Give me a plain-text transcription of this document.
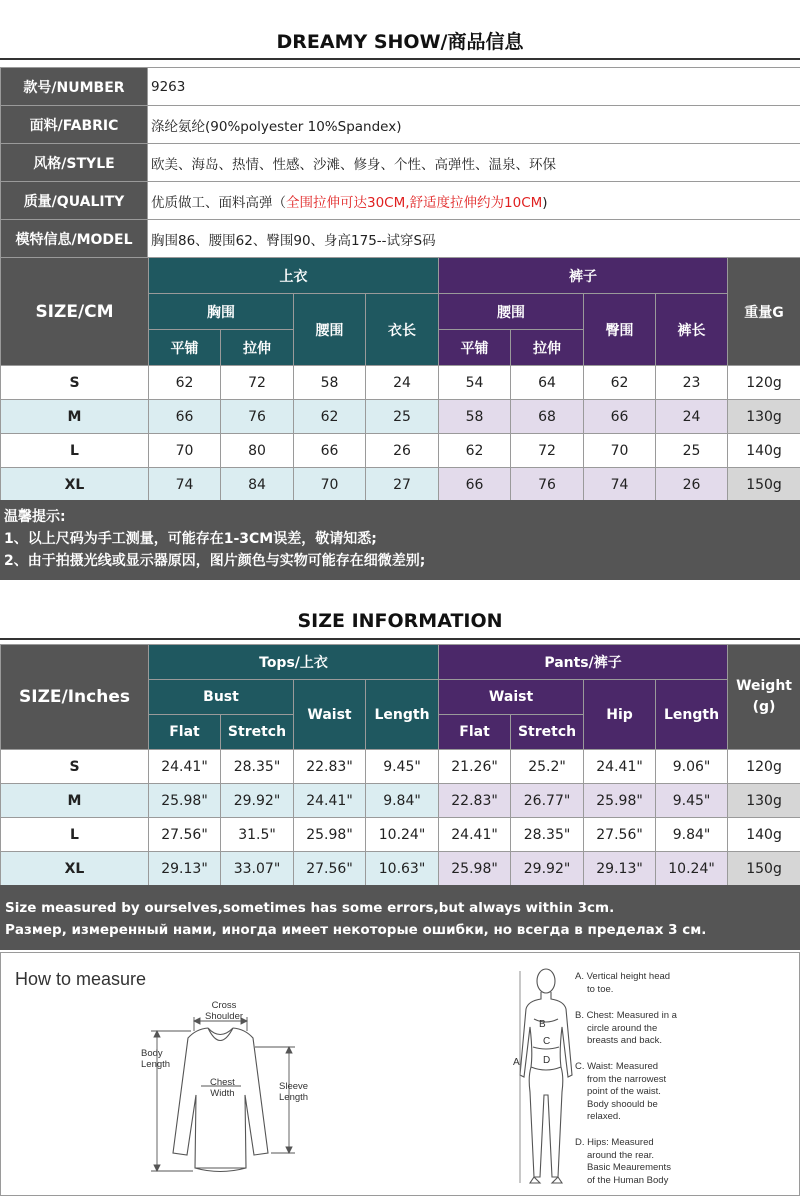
DREAMY SHOW/商品信息
款号/NUMBER	9263
面料/FABRIC	涤纶氨纶(90%polyester 10%Spandex)
风格/STYLE	欧美、海岛、热情、性感、沙滩、修身、个性、高弹性、温泉、环保
质量/QUALITY	优质做工、面料高弹（全围拉伸可达30CM,舒适度拉伸约为10CM)
模特信息/MODEL	胸围86、腰围62、臀围90、身高175--试穿S码
SIZE/CM	上衣				裤子				重量G
	胸围		腰围	衣长	腰围		臀围	裤长	
	平铺	拉伸			平铺	拉伸			
S	62	72	58	24	54	64	62	23	120g
M	66	76	62	25	58	68	66	24	130g
L	70	80	66	26	62	72	70	25	140g
XL	74	84	70	27	66	76	74	26	150g
温馨提示:
1、以上尺码为手工测量，可能存在1-3CM误差，敬请知悉;
2、由于拍摄光线或显示器原因，图片颜色与实物可能存在细微差别;
SIZE INFORMATION
SIZE/Inches	Tops/上衣				Pants/裤子				Weight
(g)

	Bust		Waist	Length	Waist		Hip	Length	
	Flat	Stretch			Flat	Stretch			
S	24.41"	28.35"	22.83"	9.45"	21.26"	25.2"	24.41"	9.06"	120g
M	25.98"	29.92"	24.41"	9.84"	22.83"	26.77"	25.98"	9.45"	130g
L	27.56"	31.5"	25.98"	10.24"	24.41"	28.35"	27.56"	9.84"	140g
XL	29.13"	33.07"	27.56"	10.63"	25.98"	29.92"	29.13"	10.24"	150g
Size measured by ourselves,sometimes has some errors,but always within 3cm.
Размер, измеренный нами, иногда имеет некоторые ошибки, но всегда в пределах 3 см.
How to measure
Cross
Shoulder
Body
Length
Chest
Width
Sleeve
Length
B
C
D
A
A. Vertical height head
to toe.
B. Chest: Measured in a
circle around the
breasts and back.
C. Waist: Measured
from the narrowest
point of the waist.
Body shoould be
relaxed.
D. Hips: Measured
around the rear.
Basic Meaurements
of the Human Body
